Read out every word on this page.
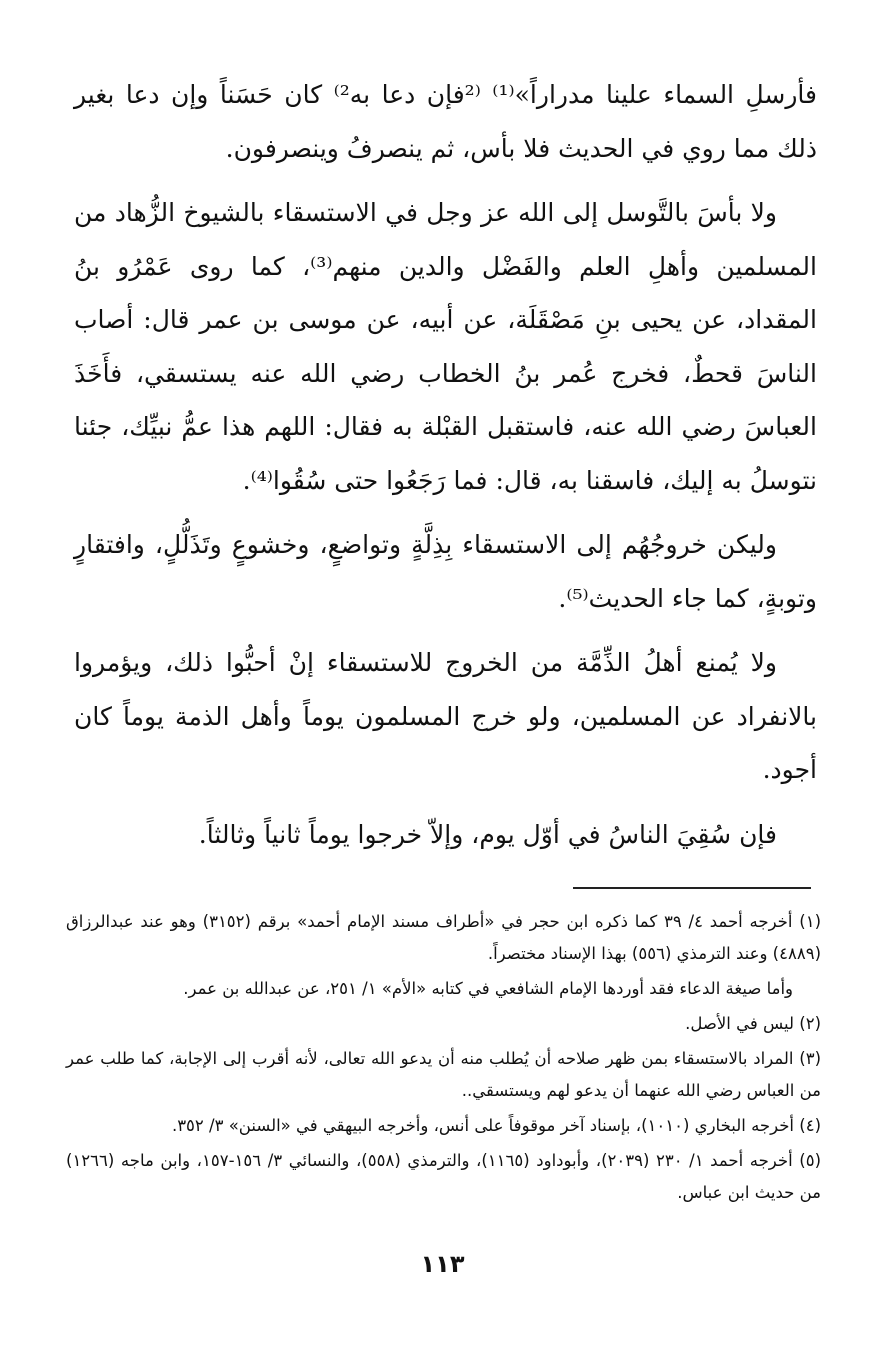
فأرسلِ السماء علينا مدراراً»⁽¹⁾ ⁽²فإن دعا به²⁾ كان حَسَناً وإن دعا بغير ذلك مما روي في الحديث فلا بأس، ثم ينصرفُ وينصرفون.

ولا بأسَ بالتَّوسل إلى الله عز وجل في الاستسقاء بالشيوخ الزُّهاد من المسلمين وأهلِ العلم والفَضْل والدين منهم⁽³⁾، كما روى عَمْرُو بنُ المقداد، عن يحيى بنِ مَصْقَلَة، عن أبيه، عن موسى بن عمر قال: أصاب الناسَ قحطٌ، فخرج عُمر بنُ الخطاب رضي الله عنه يستسقي، فأَخَذَ العباسَ رضي الله عنه، فاستقبل القبْلة به فقال: اللهم هذا عمُّ نبيِّك، جئنا نتوسلُ به إليك، فاسقنا به، قال: فما رَجَعُوا حتى سُقُوا⁽⁴⁾.

وليكن خروجُهُم إلى الاستسقاء بِذِلَّةٍ وتواضعٍ، وخشوعٍ وتَذَلُّلٍ، وافتقارٍ وتوبةٍ، كما جاء الحديث⁽⁵⁾.

ولا يُمنع أهلُ الذِّمَّة من الخروج للاستسقاء إنْ أحبُّوا ذلك، ويؤمروا بالانفراد عن المسلمين، ولو خرج المسلمون يوماً وأهل الذمة يوماً كان أجود.

فإن سُقِيَ الناسُ في أوّل يوم، وإلاّ خرجوا يوماً ثانياً وثالثاً.

(١) أخرجه أحمد ٤/ ٣٩ كما ذكره ابن حجر في «أطراف مسند الإمام أحمد» برقم (٣١٥٢) وهو عند عبدالرزاق (٤٨٨٩) وعند الترمذي (٥٥٦) بهذا الإسناد مختصراً.

وأما صيغة الدعاء فقد أوردها الإمام الشافعي في كتابه «الأم» ١/ ٢٥١، عن عبدالله بن عمر.

(٢) ليس في الأصل.

(٣) المراد بالاستسقاء بمن ظهر صلاحه أن يُطلب منه أن يدعو الله تعالى، لأنه أقرب إلى الإجابة، كما طلب عمر من العباس رضي الله عنهما أن يدعو لهم ويستسقي..

(٤) أخرجه البخاري (١٠١٠)، بإسناد آخر موقوفاً على أنس، وأخرجه البيهقي في «السنن» ٣/ ٣٥٢.

(٥) أخرجه أحمد ١/ ٢٣٠ (٢٠٣٩)، وأبوداود (١١٦٥)، والترمذي (٥٥٨)، والنسائي ٣/ ١٥٦-١٥٧، وابن ماجه (١٢٦٦) من حديث ابن عباس.

١١٣
